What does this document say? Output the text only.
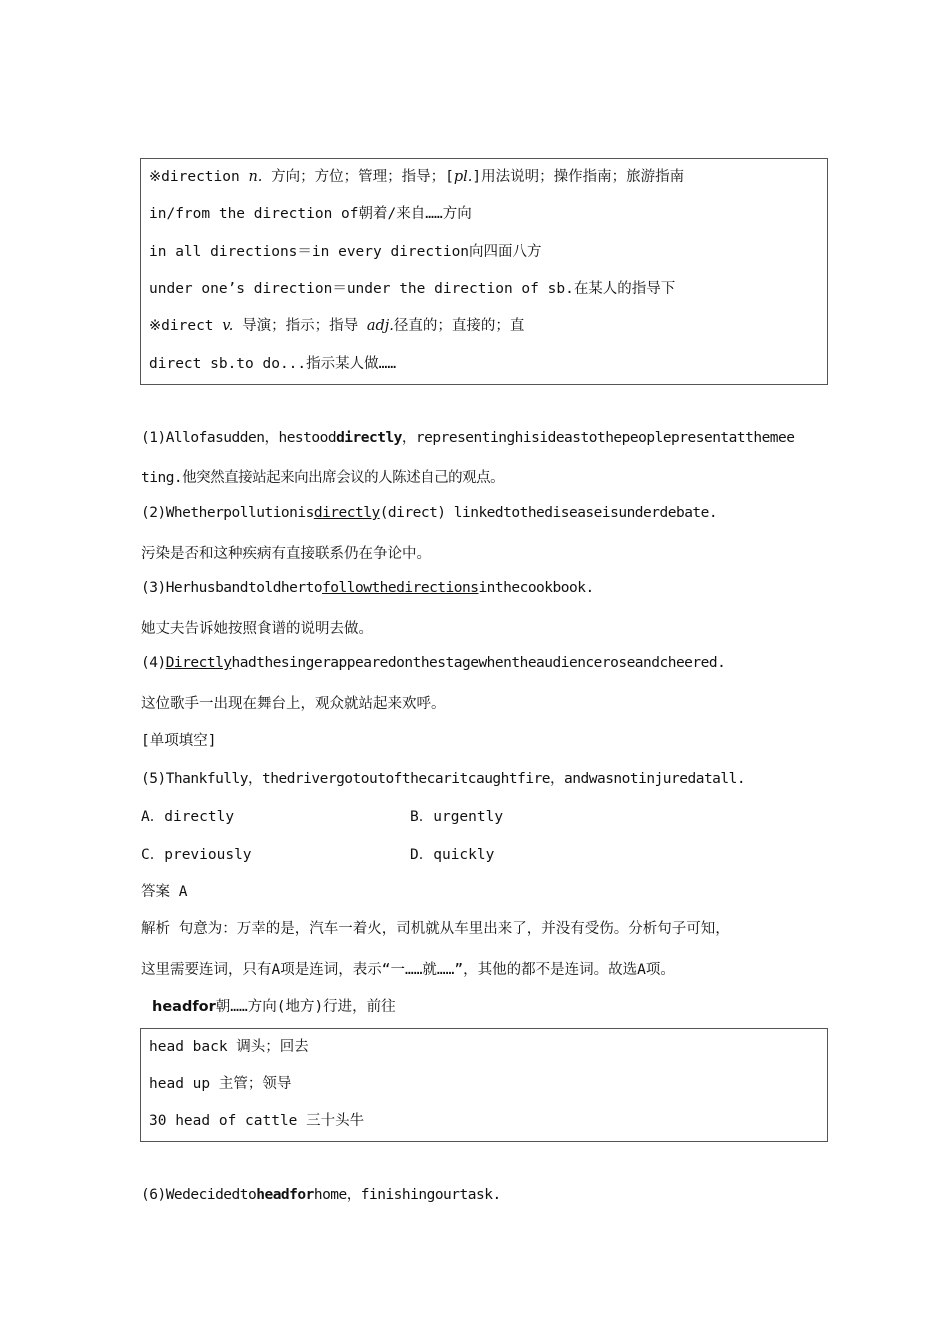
※direction n. 方向；方位；管理；指导；[pl.]用法说明；操作指南；旅游指南
in/from the direction of朝着/来自……方向
in all directions＝in every direction向四面八方
under one’s direction＝under the direction of sb.在某人的指导下
※direct v. 导演；指示；指导 adj.径直的；直接的；直
direct sb.to do...指示某人做……
(1)Allofasudden，hestooddirectly，representinghisideastothepeoplepresentatthemee
ting.他突然直接站起来向出席会议的人陈述自己的观点。
(2)Whetherpollutionisdirectly(direct) linkedtothediseaseisunderdebate.
污染是否和这种疾病有直接联系仍在争论中。
(3)Herhusbandtoldhertofollowthedirectionsinthecookbook.
她丈夫告诉她按照食谱的说明去做。
(4)Directlyhadthesingerappearedonthestagewhentheaudienceroseandcheered.
这位歌手一出现在舞台上，观众就站起来欢呼。
[单项填空]
(5)Thankfully，thedrivergotoutofthecaritcaughtfire，andwasnotinjuredatall.
A．directly	B．urgently
C．previously	D．quickly
答案 A
解析 句意为：万幸的是，汽车一着火，司机就从车里出来了，并没有受伤。分析句子可知，
这里需要连词，只有A项是连词，表示“一……就……”，其他的都不是连词。故选A项。
headfor朝……方向(地方)行进，前往
head back 调头；回去
head up 主管；领导
30 head of cattle 三十头牛
(6)Wedecidedtoheadforhome，finishingourtask.
